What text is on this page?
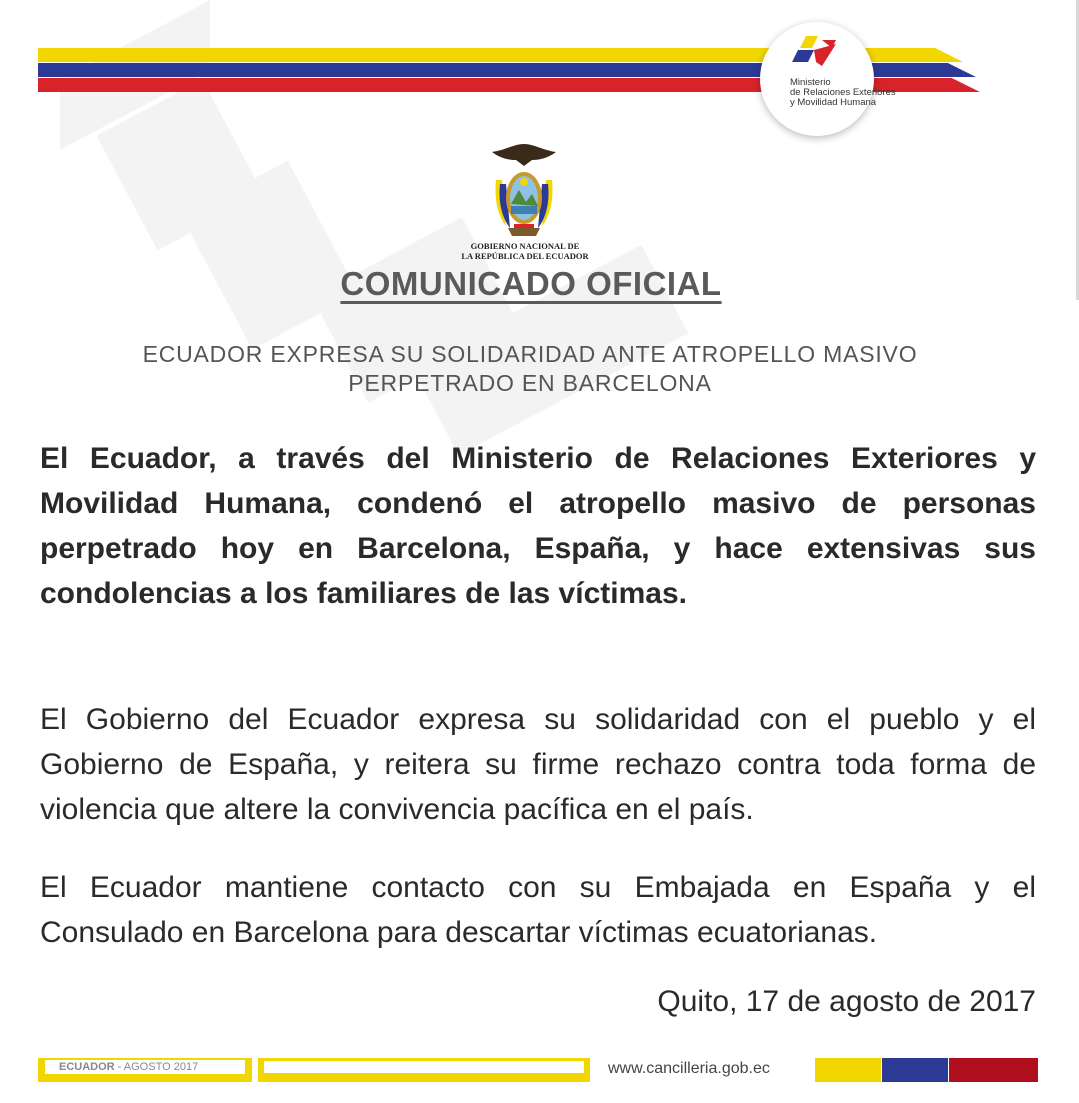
Ministerio
de Relaciones Exteriores
y Movilidad Humana
GOBIERNO NACIONAL DE
LA REPÚBLICA DEL ECUADOR
COMUNICADO OFICIAL
ECUADOR EXPRESA SU SOLIDARIDAD ANTE ATROPELLO MASIVO
PERPETRADO EN BARCELONA
El Ecuador, a través del Ministerio de Relaciones Exteriores y Movilidad Humana, condenó el atropello masivo de personas perpetrado hoy en Barcelona, España, y hace extensivas sus condolencias a los familiares de las víctimas.
El Gobierno del Ecuador expresa su solidaridad con el pueblo y el Gobierno de España, y reitera su firme rechazo contra toda forma de violencia que altere la convivencia pacífica en el país.
El Ecuador mantiene contacto con su Embajada en España y el Consulado en Barcelona para descartar víctimas ecuatorianas.
Quito, 17 de agosto de 2017
ECUADOR - AGOSTO 2017	www.cancilleria.gob.ec
